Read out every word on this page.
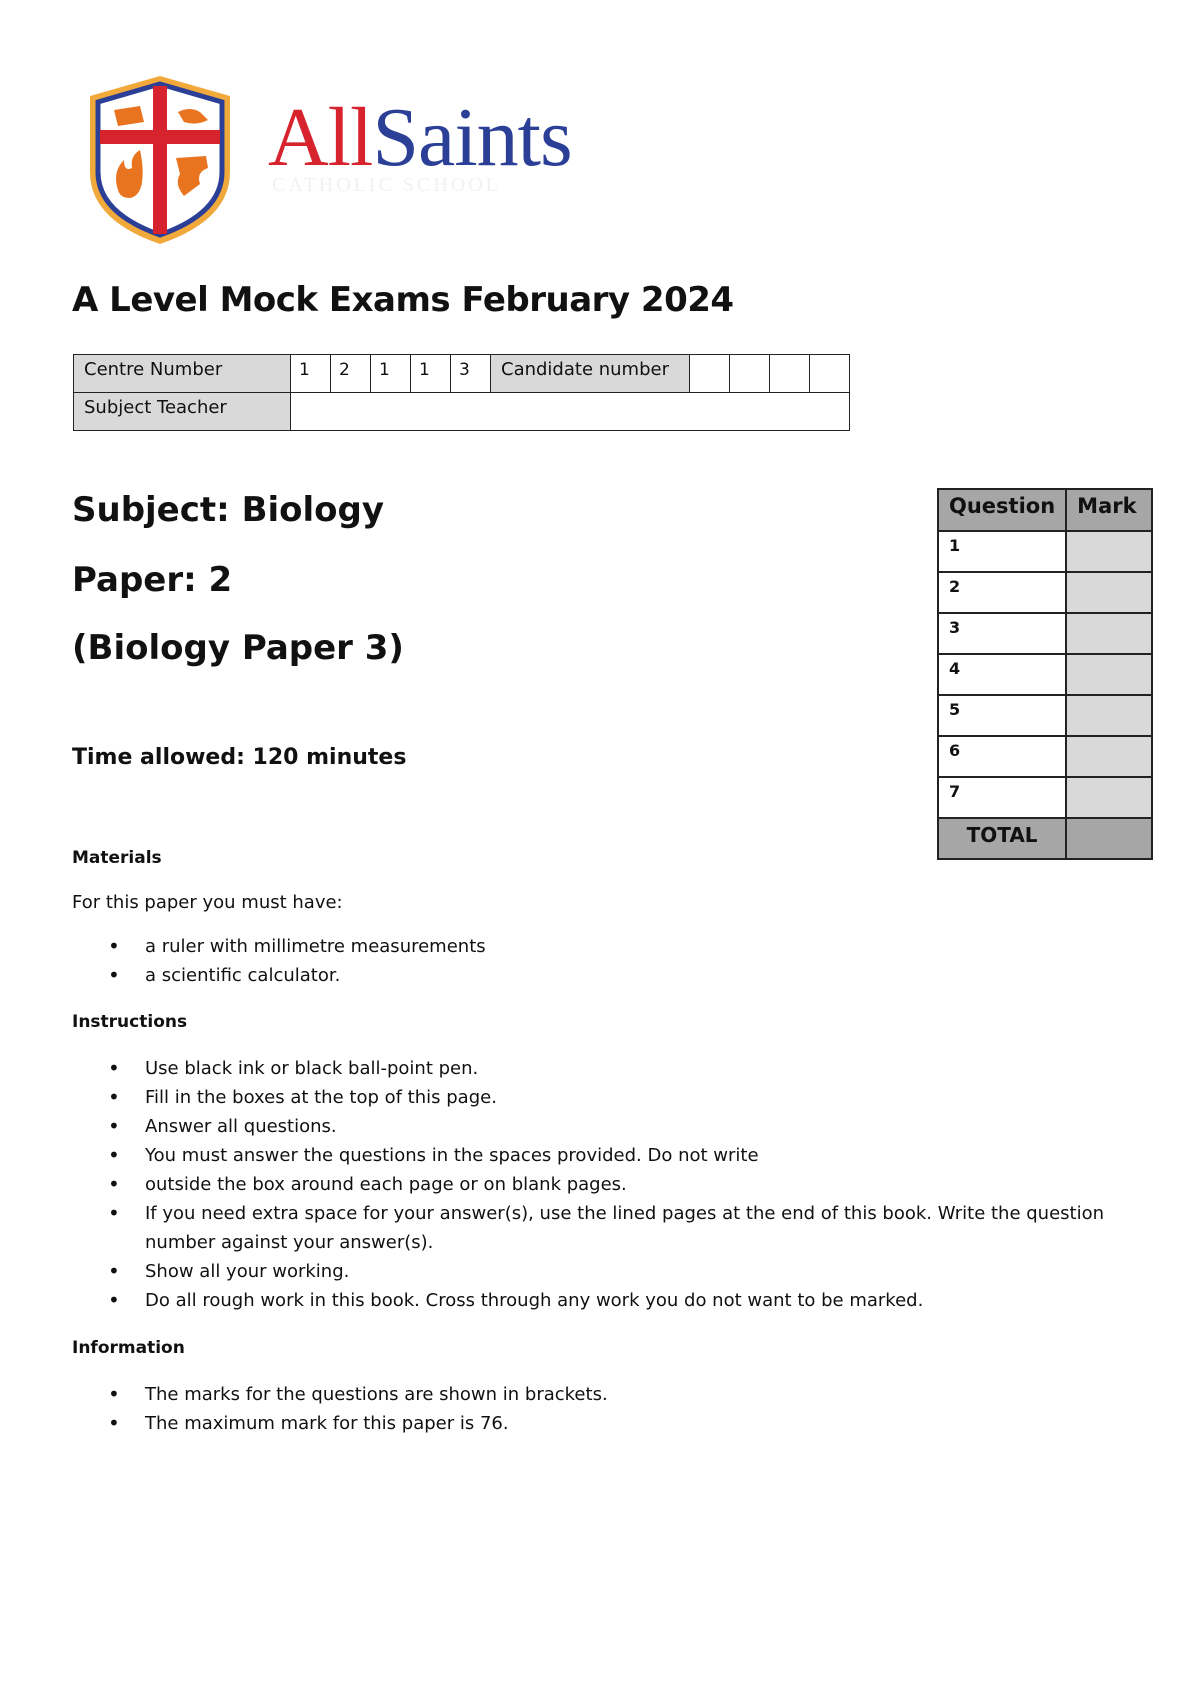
AllSaints
CATHOLIC SCHOOL
A Level Mock Exams February 2024
Centre Number	1	2	1	1	3	Candidate number				
Subject Teacher										
Subject: Biology
Paper: 2
(Biology Paper 3)

Time allowed: 120 minutes

Question	Mark
1	
2	
3	
4	
5	
6	
7	
TOTAL	
Materials

For this paper you must have:

• a ruler with millimetre measurements
• a scientific calculator.
Instructions
• Use black ink or black ball-point pen.
• Fill in the boxes at the top of this page.
• Answer all questions.
• You must answer the questions in the spaces provided. Do not write
• outside the box around each page or on blank pages.
• If you need extra space for your answer(s), use the lined pages at the end of this book. Write the question number against your answer(s).
• Show all your working.
• Do all rough work in this book. Cross through any work you do not want to be marked.
Information
• The marks for the questions are shown in brackets.
• The maximum mark for this paper is 76.
